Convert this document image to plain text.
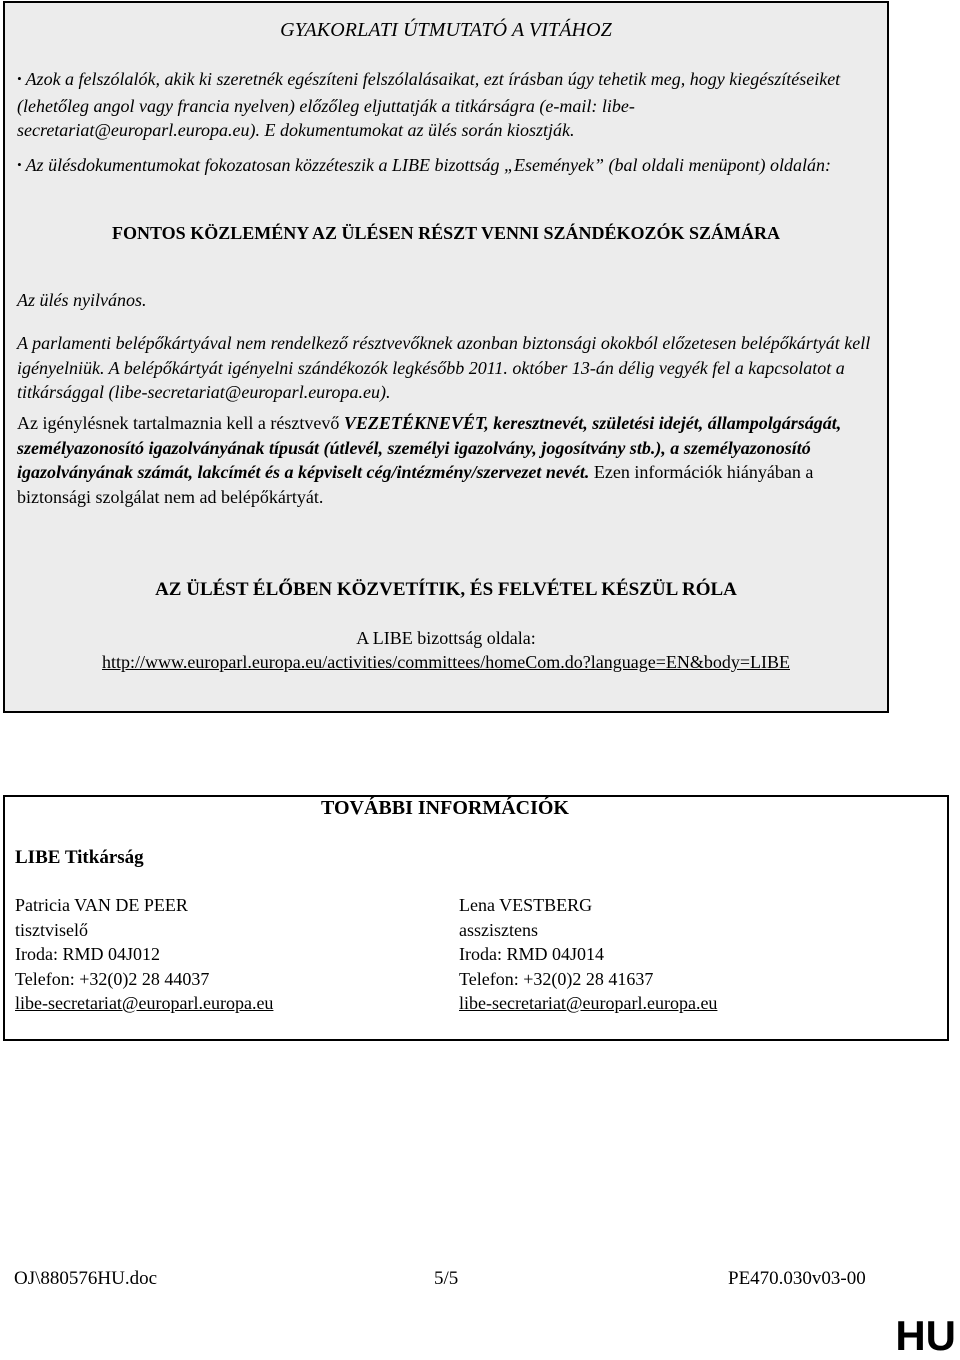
GYAKORLATI ÚTMUTATÓ A VITÁHOZ
• Azok a felszólalók, akik ki szeretnék egészíteni felszólalásaikat, ezt írásban úgy tehetik meg, hogy kiegészítéseiket (lehetőleg angol vagy francia nyelven) előzőleg eljuttatják a titkárságra (e-mail: libe-secretariat@europarl.europa.eu). E dokumentumokat az ülés során kiosztják.
• Az ülésdokumentumokat fokozatosan közzéteszik a LIBE bizottság „Események” (bal oldali menüpont) oldalán:
FONTOS KÖZLEMÉNY AZ ÜLÉSEN RÉSZT VENNI SZÁNDÉKOZÓK SZÁMÁRA
Az ülés nyilvános.
A parlamenti belépőkártyával nem rendelkező résztvevőknek azonban biztonsági okokból előzetesen belépőkártyát kell igényelniük. A belépőkártyát igényelni szándékozók legkésőbb 2011. október 13-án délig vegyék fel a kapcsolatot a titkársággal (libe-secretariat@europarl.europa.eu).
Az igénylésnek tartalmaznia kell a résztvevő VEZETÉKNEVÉT, keresztnevét, születési idejét, állampolgárságát, személyazonosító igazolványának típusát (útlevél, személyi igazolvány, jogosítvány stb.), a személyazonosító igazolványának számát, lakcímét és a képviselt cég/intézmény/szervezet nevét. Ezen információk hiányában a biztonsági szolgálat nem ad belépőkártyát.
AZ ÜLÉST ÉLŐBEN KÖZVETÍTIK, ÉS FELVÉTEL KÉSZÜL RÓLA
A LIBE bizottság oldala:
http://www.europarl.europa.eu/activities/committees/homeCom.do?language=EN&body=LIBE
TOVÁBBI INFORMÁCIÓK
LIBE Titkárság
Patricia VAN DE PEER
tisztviselő
Iroda: RMD 04J012
Telefon: +32(0)2 28 44037
libe-secretariat@europarl.europa.eu
Lena VESTBERG
asszisztens
Iroda: RMD 04J014
Telefon: +32(0)2 28 41637
libe-secretariat@europarl.europa.eu
OJ\880576HU.doc	5/5	PE470.030v03-00
HU
